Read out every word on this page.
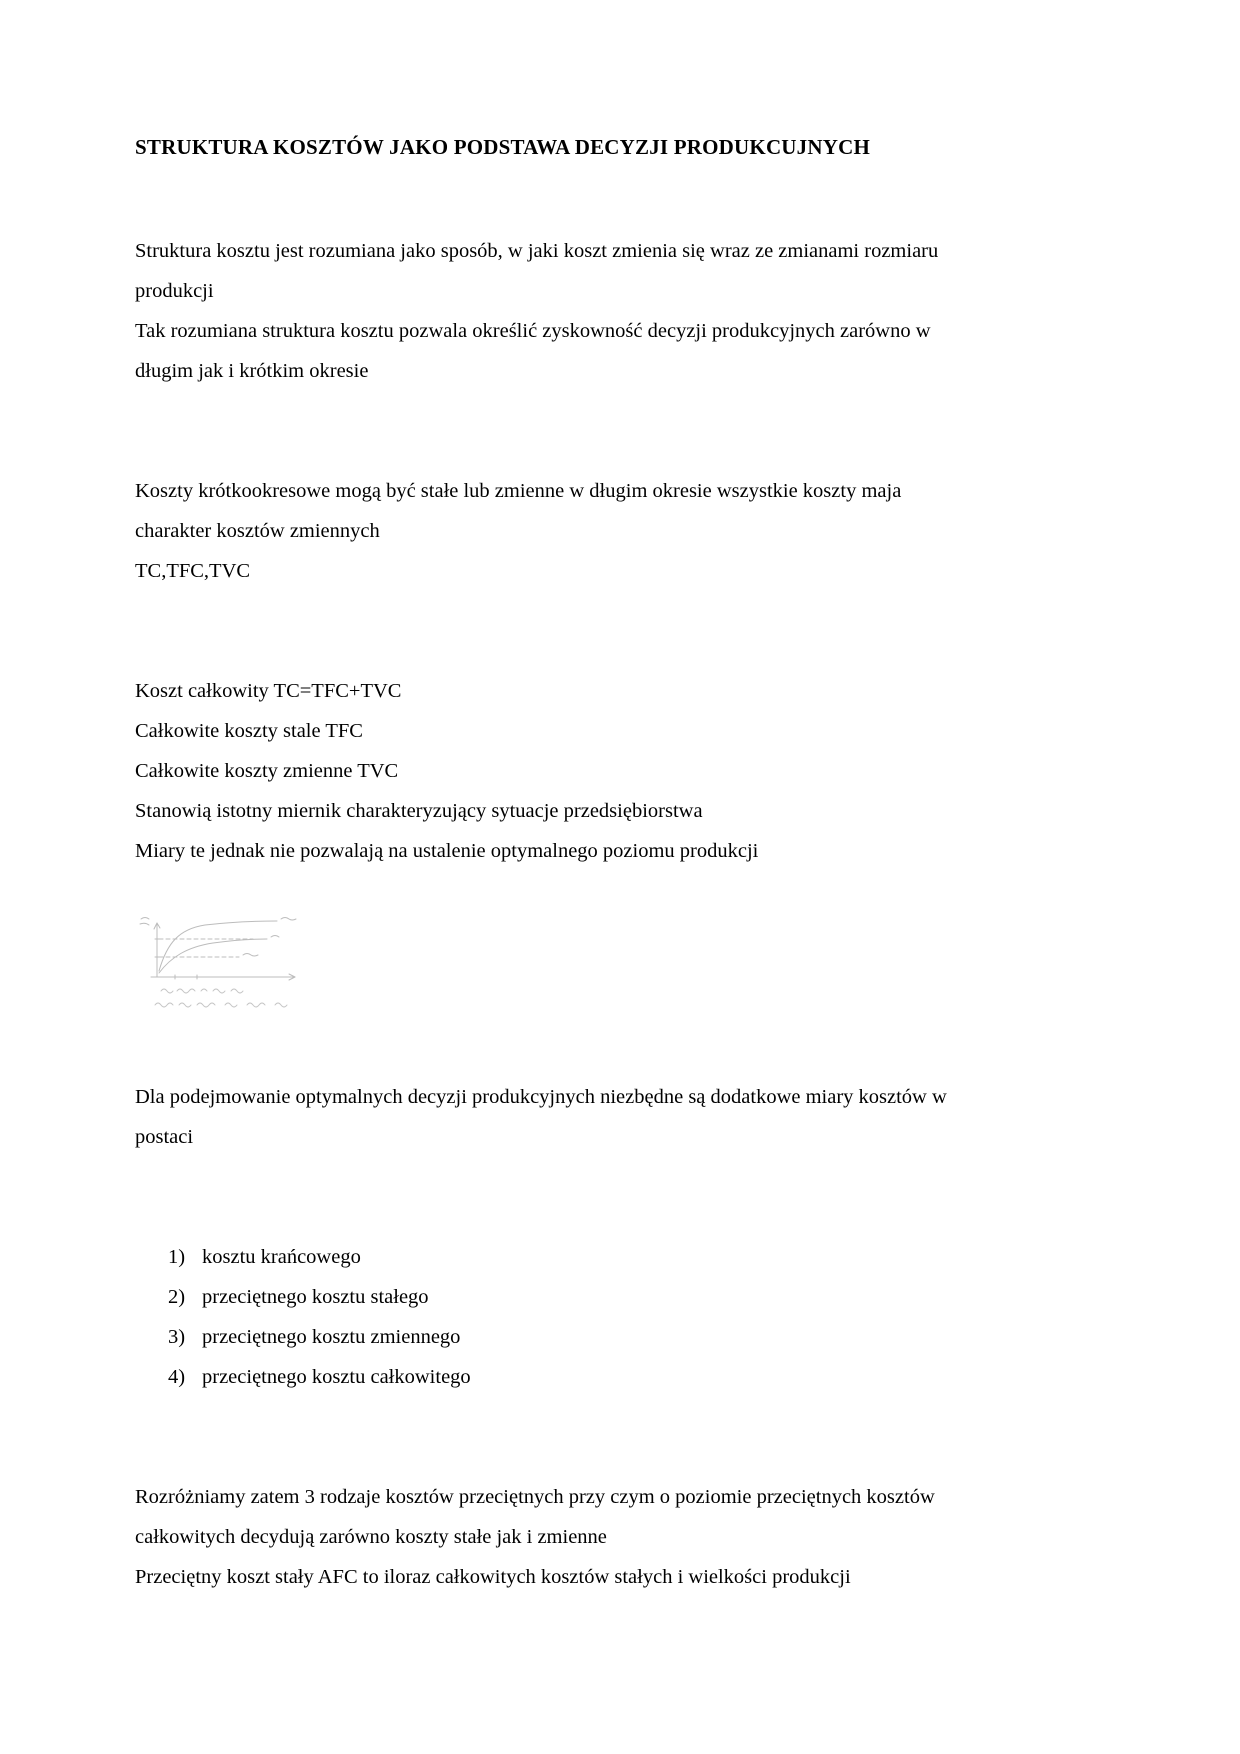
STRUKTURA KOSZTÓW JAKO PODSTAWA DECYZJI PRODUKCUJNYCH
Struktura kosztu jest rozumiana jako sposób, w jaki koszt zmienia się wraz ze zmianami rozmiaru produkcji
Tak rozumiana struktura kosztu pozwala określić zyskowność decyzji produkcyjnych zarówno w długim jak i krótkim okresie
Koszty krótkookresowe mogą być stałe lub zmienne w długim okresie wszystkie koszty maja charakter kosztów zmiennych
TC,TFC,TVC
Koszt całkowity TC=TFC+TVC
Całkowite koszty stale TFC
Całkowite koszty zmienne TVC
Stanowią istotny miernik charakteryzujący sytuacje przedsiębiorstwa
Miary te jednak nie pozwalają na ustalenie optymalnego poziomu produkcji
Dla podejmowanie optymalnych decyzji produkcyjnych niezbędne są dodatkowe miary kosztów w postaci
1) kosztu krańcowego
2) przeciętnego kosztu stałego
3) przeciętnego kosztu zmiennego
4) przeciętnego kosztu całkowitego
Rozróżniamy zatem 3 rodzaje kosztów przeciętnych przy czym o poziomie przeciętnych kosztów całkowitych decydują zarówno koszty stałe jak i zmienne
Przeciętny koszt stały AFC to iloraz całkowitych kosztów stałych i wielkości produkcji
